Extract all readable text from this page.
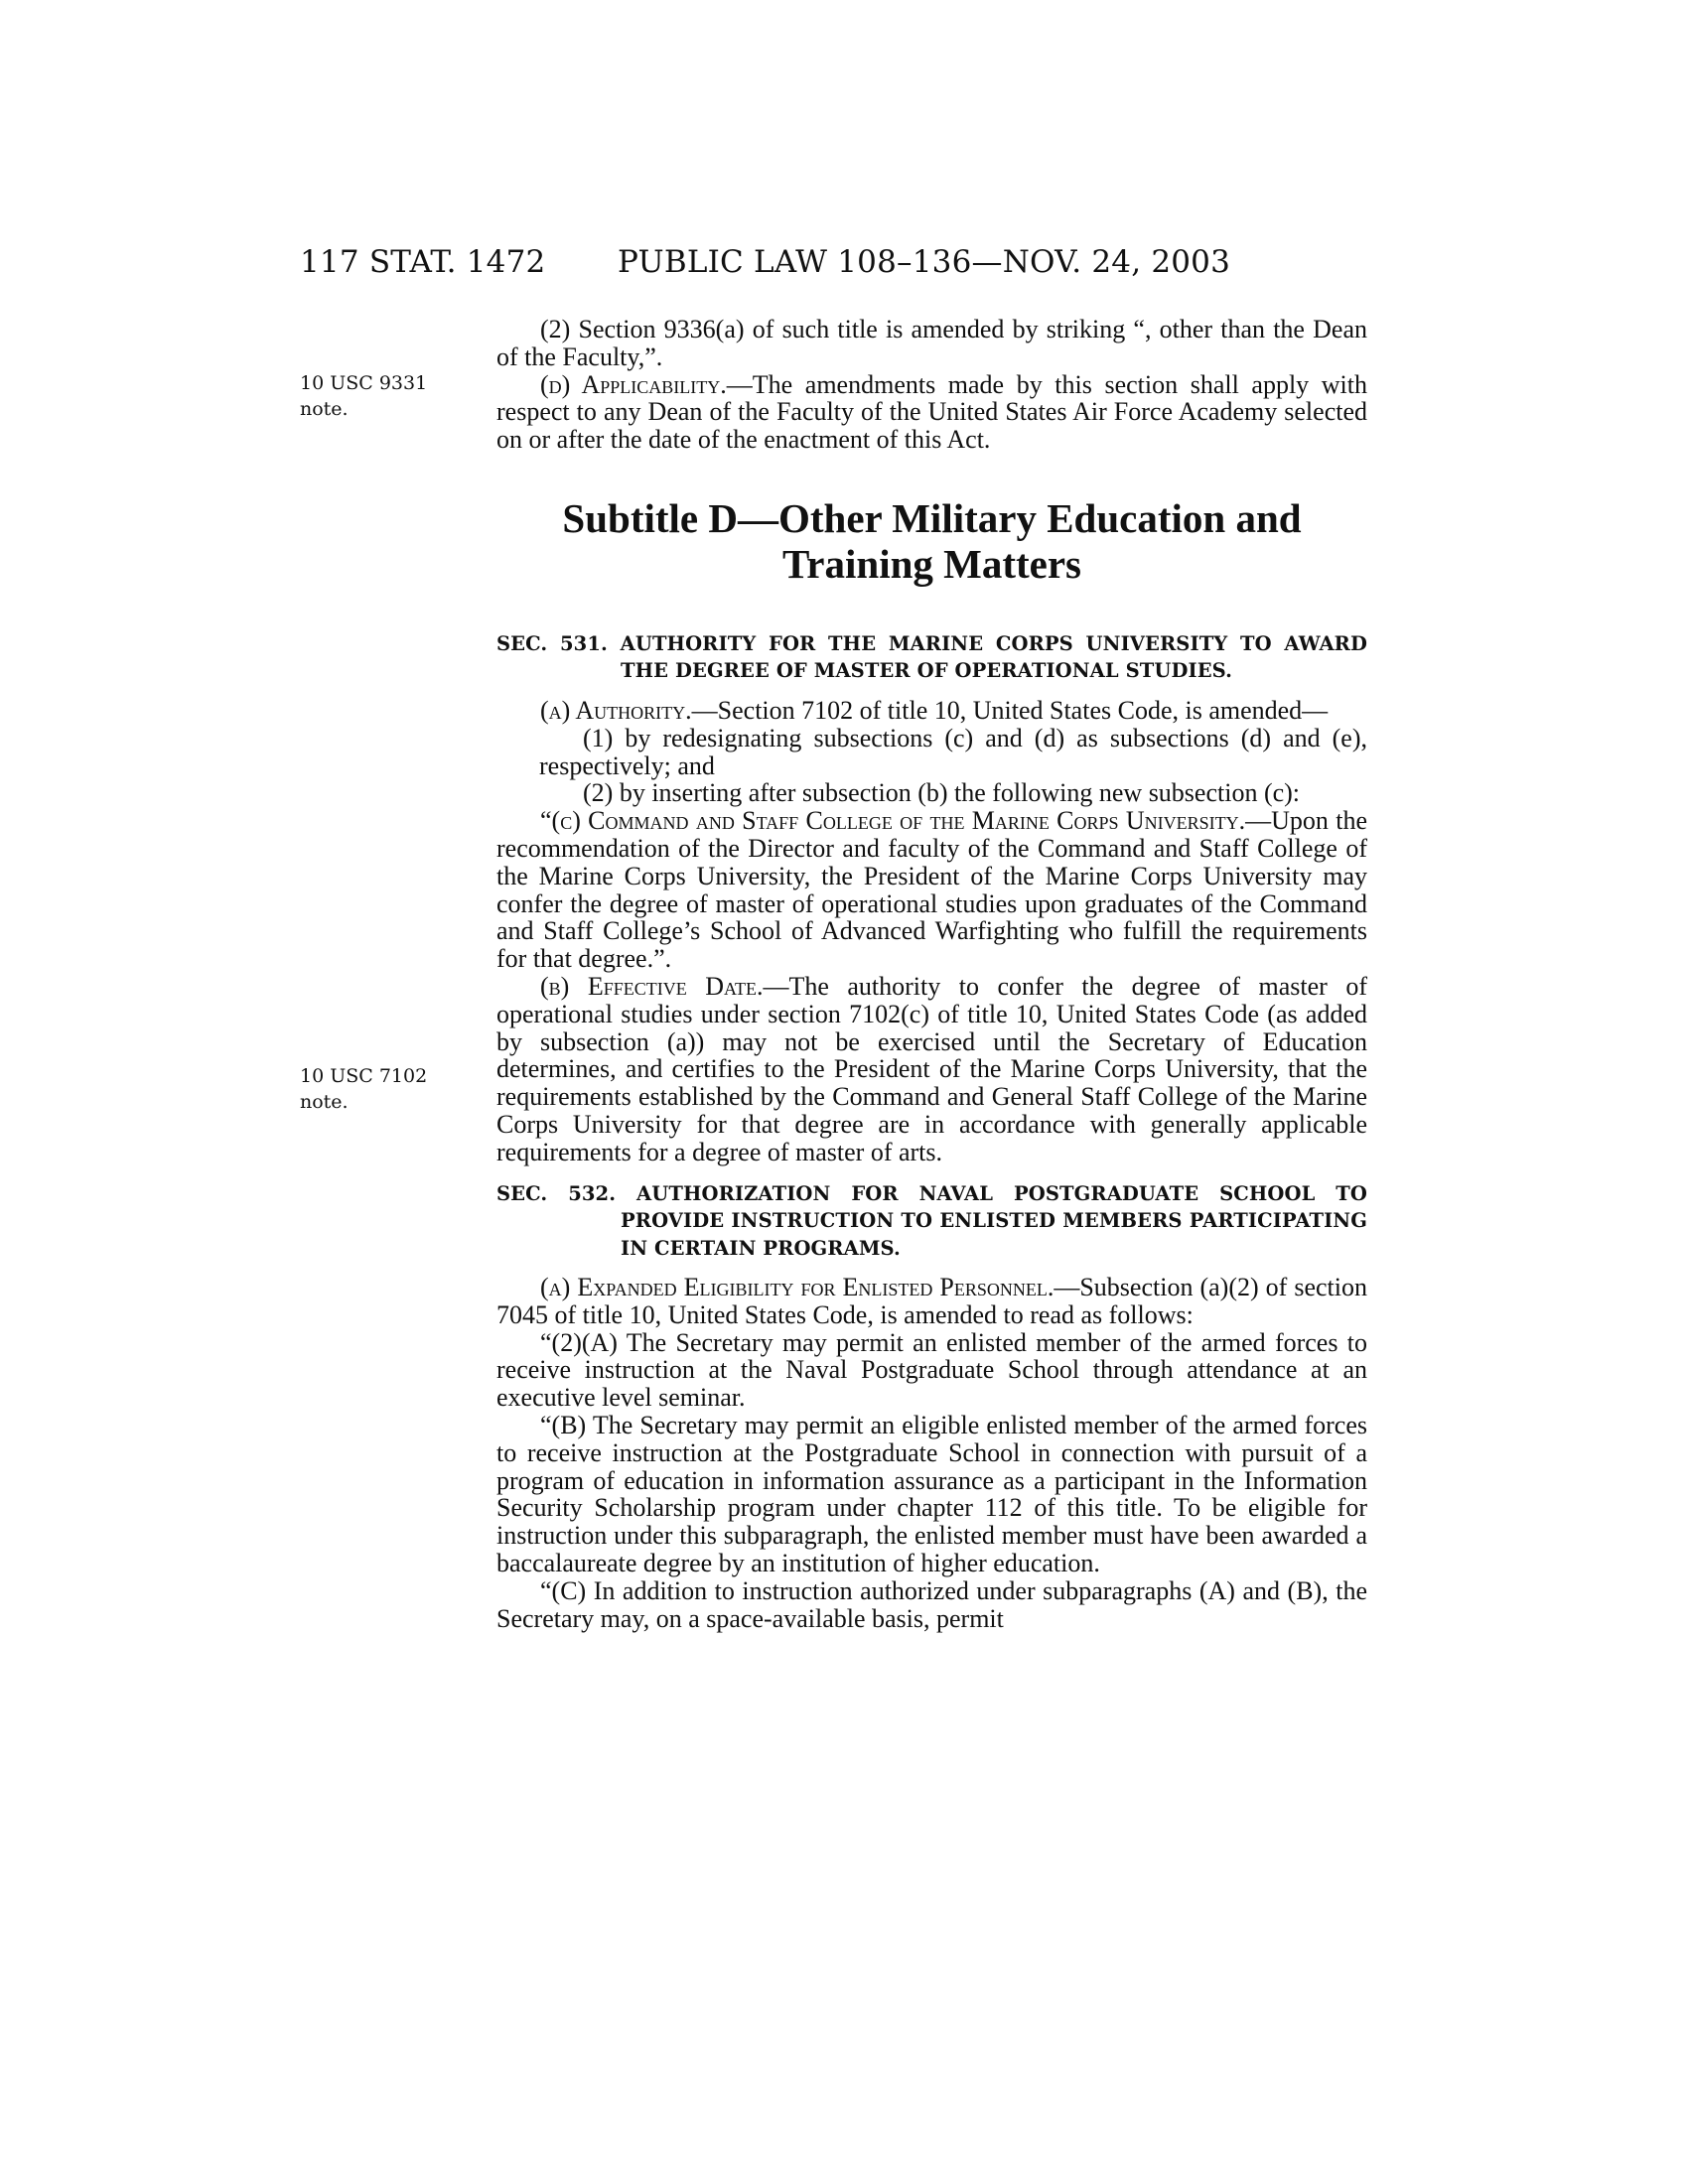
117 STAT. 1472 PUBLIC LAW 108–136—NOV. 24, 2003
10 USC 9331
note.
10 USC 7102
note.

(2) Section 9336(a) of such title is amended by striking “, other than the Dean of the Faculty,”.

(d) Applicability.—The amendments made by this section shall apply with respect to any Dean of the Faculty of the United States Air Force Academy selected on or after the date of the enactment of this Act.

Subtitle D—Other Military Education and
Training Matters
SEC. 531. AUTHORITY FOR THE MARINE CORPS UNIVERSITY TO AWARD THE DEGREE OF MASTER OF OPERATIONAL STUDIES.

(a) Authority.—Section 7102 of title 10, United States Code, is amended—

(1) by redesignating subsections (c) and (d) as subsections (d) and (e), respectively; and

(2) by inserting after subsection (b) the following new subsection (c):

“(c) Command and Staff College of the Marine Corps University.—Upon the recommendation of the Director and faculty of the Command and Staff College of the Marine Corps University, the President of the Marine Corps University may confer the degree of master of operational studies upon graduates of the Command and Staff College’s School of Advanced Warfighting who fulfill the requirements for that degree.”.

(b) Effective Date.—The authority to confer the degree of master of operational studies under section 7102(c) of title 10, United States Code (as added by subsection (a)) may not be exercised until the Secretary of Education determines, and certifies to the President of the Marine Corps University, that the requirements established by the Command and General Staff College of the Marine Corps University for that degree are in accordance with generally applicable requirements for a degree of master of arts.

SEC. 532. AUTHORIZATION FOR NAVAL POSTGRADUATE SCHOOL TO PROVIDE INSTRUCTION TO ENLISTED MEMBERS PARTICIPATING IN CERTAIN PROGRAMS.

(a) Expanded Eligibility for Enlisted Personnel.—Subsection (a)(2) of section 7045 of title 10, United States Code, is amended to read as follows:

“(2)(A) The Secretary may permit an enlisted member of the armed forces to receive instruction at the Naval Postgraduate School through attendance at an executive level seminar.

“(B) The Secretary may permit an eligible enlisted member of the armed forces to receive instruction at the Postgraduate School in connection with pursuit of a program of education in information assurance as a participant in the Information Security Scholarship program under chapter 112 of this title. To be eligible for instruction under this subparagraph, the enlisted member must have been awarded a baccalaureate degree by an institution of higher education.

“(C) In addition to instruction authorized under subparagraphs (A) and (B), the Secretary may, on a space-available basis, permit
